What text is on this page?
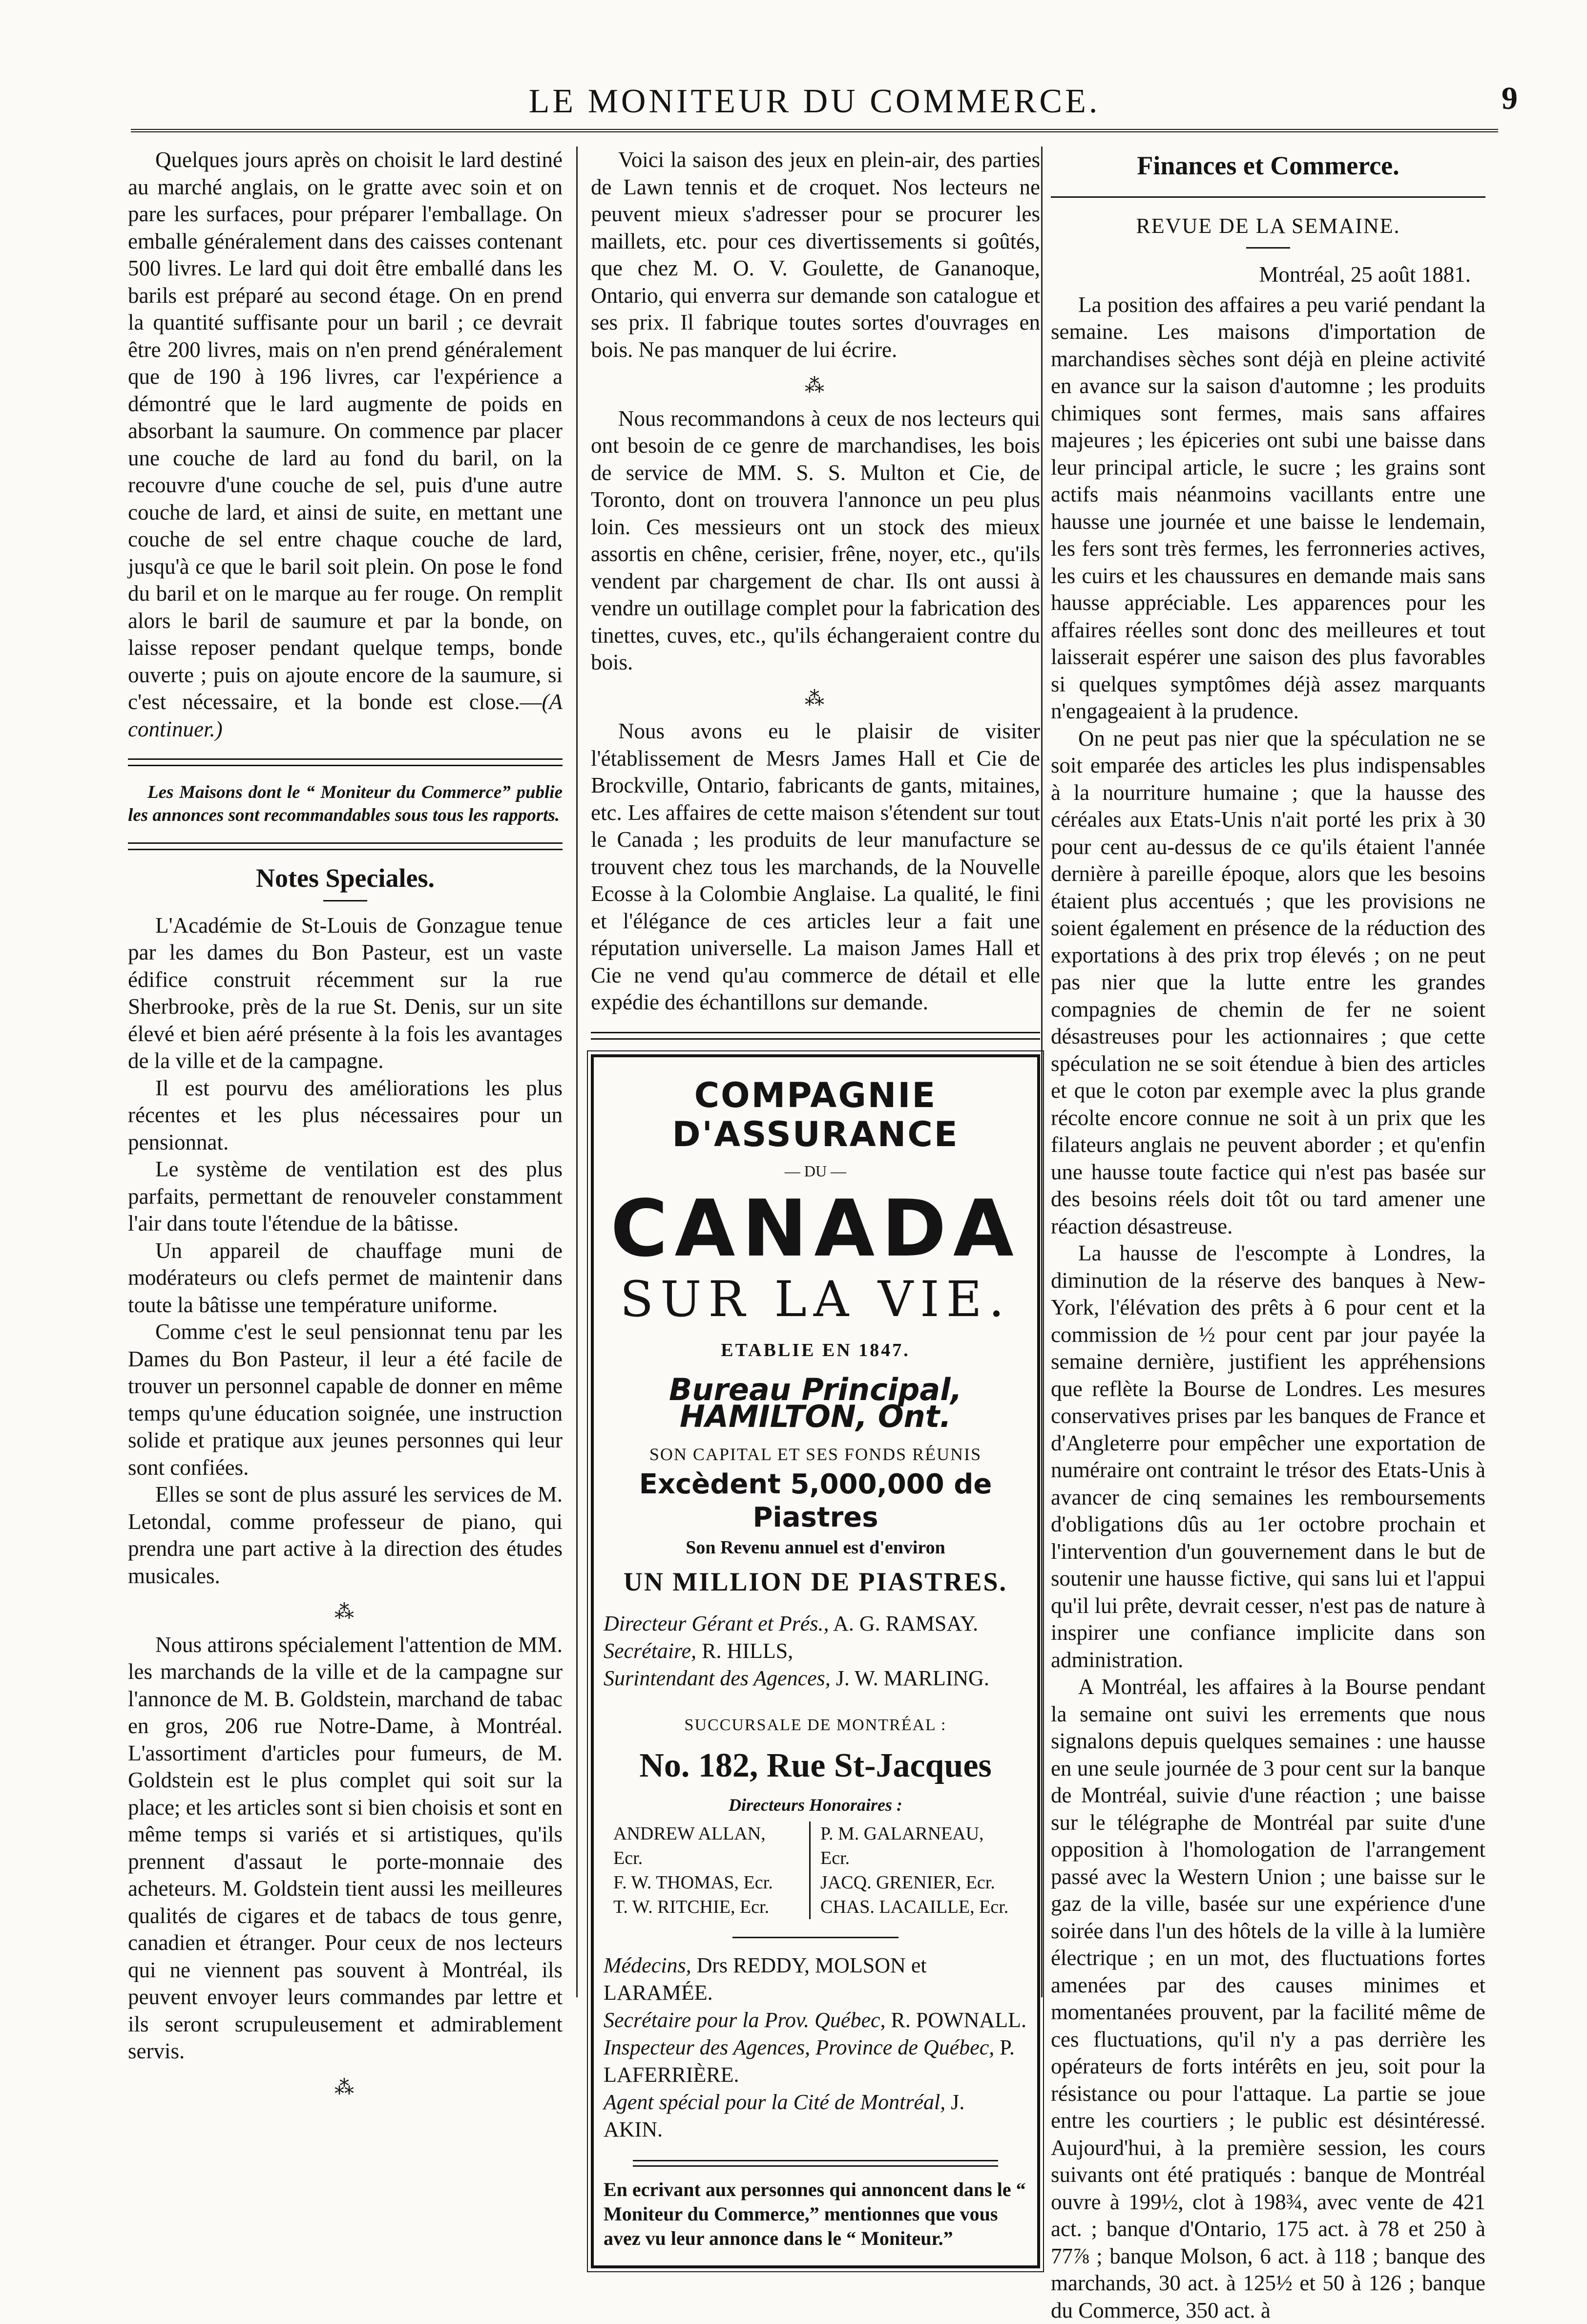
LE MONITEUR DU COMMERCE.	9

Quelques jours après on choisit le lard destiné au marché anglais, on le gratte avec soin et on pare les surfaces, pour préparer l'emballage. On emballe généralement dans des caisses contenant 500 livres. Le lard qui doit être emballé dans les barils est préparé au second étage. On en prend la quantité suffisante pour un baril ; ce devrait être 200 livres, mais on n'en prend généralement que de 190 à 196 livres, car l'expérience a démontré que le lard augmente de poids en absorbant la saumure. On commence par placer une couche de lard au fond du baril, on la recouvre d'une couche de sel, puis d'une autre couche de lard, et ainsi de suite, en mettant une couche de sel entre chaque couche de lard, jusqu'à ce que le baril soit plein. On pose le fond du baril et on le marque au fer rouge. On remplit alors le baril de saumure et par la bonde, on laisse reposer pendant quelque temps, bonde ouverte ; puis on ajoute encore de la saumure, si c'est nécessaire, et la bonde est close.—(A continuer.)

Les Maisons dont le “ Moniteur du Commerce” publie les annonces sont recommandables sous tous les rapports.

Notes Speciales.

L'Académie de St-Louis de Gonzague tenue par les dames du Bon Pasteur, est un vaste édifice construit récemment sur la rue Sherbrooke, près de la rue St. Denis, sur un site élevé et bien aéré présente à la fois les avantages de la ville et de la campagne.

Il est pourvu des améliorations les plus récentes et les plus nécessaires pour un pensionnat.

Le système de ventilation est des plus parfaits, permettant de renouveler constamment l'air dans toute l'étendue de la bâtisse.

Un appareil de chauffage muni de modérateurs ou clefs permet de maintenir dans toute la bâtisse une température uniforme.

Comme c'est le seul pensionnat tenu par les Dames du Bon Pasteur, il leur a été facile de trouver un personnel capable de donner en même temps qu'une éducation soignée, une instruction solide et pratique aux jeunes personnes qui leur sont confiées.

Elles se sont de plus assuré les services de M. Letondal, comme professeur de piano, qui prendra une part active à la direction des études musicales.

⁂

Nous attirons spécialement l'attention de MM. les marchands de la ville et de la campagne sur l'annonce de M. B. Goldstein, marchand de tabac en gros, 206 rue Notre-Dame, à Montréal. L'assortiment d'articles pour fumeurs, de M. Goldstein est le plus complet qui soit sur la place; et les articles sont si bien choisis et sont en même temps si variés et si artistiques, qu'ils prennent d'assaut le porte-monnaie des acheteurs. M. Goldstein tient aussi les meilleures qualités de cigares et de tabacs de tous genre, canadien et étranger. Pour ceux de nos lecteurs qui ne viennent pas souvent à Montréal, ils peuvent envoyer leurs commandes par lettre et ils seront scrupuleusement et admirablement servis.

⁂

Voici la saison des jeux en plein-air, des parties de Lawn tennis et de croquet. Nos lecteurs ne peuvent mieux s'adresser pour se procurer les maillets, etc. pour ces divertissements si goûtés, que chez M. O. V. Goulette, de Gananoque, Ontario, qui enverra sur demande son catalogue et ses prix. Il fabrique toutes sortes d'ouvrages en bois. Ne pas manquer de lui écrire.

⁂

Nous recommandons à ceux de nos lecteurs qui ont besoin de ce genre de marchandises, les bois de service de MM. S. S. Multon et Cie, de Toronto, dont on trouvera l'annonce un peu plus loin. Ces messieurs ont un stock des mieux assortis en chêne, cerisier, frêne, noyer, etc., qu'ils vendent par chargement de char. Ils ont aussi à vendre un outillage complet pour la fabrication des tinettes, cuves, etc., qu'ils échangeraient contre du bois.

⁂

Nous avons eu le plaisir de visiter l'établissement de Mesrs James Hall et Cie de Brockville, Ontario, fabricants de gants, mitaines, etc. Les affaires de cette maison s'étendent sur tout le Canada ; les produits de leur manufacture se trouvent chez tous les marchands, de la Nouvelle Ecosse à la Colombie Anglaise. La qualité, le fini et l'élégance de ces articles leur a fait une réputation universelle. La maison James Hall et Cie ne vend qu'au commerce de détail et elle expédie des échantillons sur demande.

COMPAGNIE D'ASSURANCE
— DU —
CANADA
SUR LA VIE.
ETABLIE EN 1847.
Bureau Principal, HAMILTON, Ont.
SON CAPITAL ET SES FONDS RÉUNIS
Excèdent 5,000,000 de Piastres
Son Revenu annuel est d'environ
UN MILLION DE PIASTRES.
Directeur Gérant et Prés., A. G. RAMSAY.
Secrétaire, R. HILLS,
Surintendant des Agences, J. W. MARLING.
SUCCURSALE DE MONTRÉAL :
No. 182, Rue St-Jacques
Directeurs Honoraires :
ANDREW ALLAN, Ecr.
F. W. THOMAS, Ecr.
T. W. RITCHIE, Ecr.
P. M. GALARNEAU, Ecr.
JACQ. GRENIER, Ecr.
CHAS. LACAILLE, Ecr.
Médecins, Drs REDDY, MOLSON et LARAMÉE.
Secrétaire pour la Prov. Québec, R. POWNALL.
Inspecteur des Agences, Province de Québec, P. LAFERRIÈRE.
Agent spécial pour la Cité de Montréal, J. AKIN.
En ecrivant aux personnes qui annoncent dans le “ Moniteur du Commerce,” mentionnes que vous avez vu leur annonce dans le “ Moniteur.”
Finances et Commerce.
REVUE DE LA SEMAINE.
Montréal, 25 août 1881.

La position des affaires a peu varié pendant la semaine. Les maisons d'importation de marchandises sèches sont déjà en pleine activité en avance sur la saison d'automne ; les produits chimiques sont fermes, mais sans affaires majeures ; les épiceries ont subi une baisse dans leur principal article, le sucre ; les grains sont actifs mais néanmoins vacillants entre une hausse une journée et une baisse le lendemain, les fers sont très fermes, les ferronneries actives, les cuirs et les chaussures en demande mais sans hausse appréciable. Les apparences pour les affaires réelles sont donc des meilleures et tout laisserait espérer une saison des plus favorables si quelques symptômes déjà assez marquants n'engageaient à la prudence.

On ne peut pas nier que la spéculation ne se soit emparée des articles les plus indispensables à la nourriture humaine ; que la hausse des céréales aux Etats-Unis n'ait porté les prix à 30 pour cent au-dessus de ce qu'ils étaient l'année dernière à pareille époque, alors que les besoins étaient plus accentués ; que les provisions ne soient également en présence de la réduction des exportations à des prix trop élevés ; on ne peut pas nier que la lutte entre les grandes compagnies de chemin de fer ne soient désastreuses pour les actionnaires ; que cette spéculation ne se soit étendue à bien des articles et que le coton par exemple avec la plus grande récolte encore connue ne soit à un prix que les filateurs anglais ne peuvent aborder ; et qu'enfin une hausse toute factice qui n'est pas basée sur des besoins réels doit tôt ou tard amener une réaction désastreuse.

La hausse de l'escompte à Londres, la diminution de la réserve des banques à New-York, l'élévation des prêts à 6 pour cent et la commission de ½ pour cent par jour payée la semaine dernière, justifient les appréhensions que reflète la Bourse de Londres. Les mesures conservatives prises par les banques de France et d'Angleterre pour empêcher une exportation de numéraire ont contraint le trésor des Etats-Unis à avancer de cinq semaines les remboursements d'obligations dûs au 1er octobre prochain et l'intervention d'un gouvernement dans le but de soutenir une hausse fictive, qui sans lui et l'appui qu'il lui prête, devrait cesser, n'est pas de nature à inspirer une confiance implicite dans son administration.

A Montréal, les affaires à la Bourse pendant la semaine ont suivi les errements que nous signalons depuis quelques semaines : une hausse en une seule journée de 3 pour cent sur la banque de Montréal, suivie d'une réaction ; une baisse sur le télégraphe de Montréal par suite d'une opposition à l'homologation de l'arrangement passé avec la Western Union ; une baisse sur le gaz de la ville, basée sur une expérience d'une soirée dans l'un des hôtels de la ville à la lumière électrique ; en un mot, des fluctuations fortes amenées par des causes minimes et momentanées prouvent, par la facilité même de ces fluctuations, qu'il n'y a pas derrière les opérateurs de forts intérêts en jeu, soit pour la résistance ou pour l'attaque. La partie se joue entre les courtiers ; le public est désintéressé. Aujourd'hui, à la première session, les cours suivants ont été pratiqués : banque de Montréal ouvre à 199½, clot à 198¾, avec vente de 421 act. ; banque d'Ontario, 175 act. à 78 et 250 à 77⅞ ; banque Molson, 6 act. à 118 ; banque des marchands, 30 act. à 125½ et 50 à 126 ; banque du Commerce, 350 act. à
